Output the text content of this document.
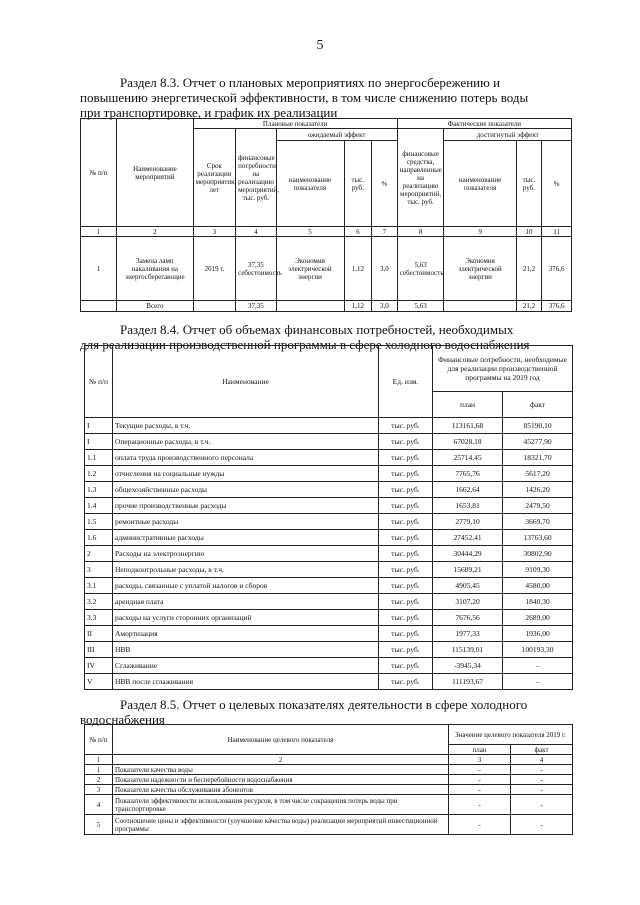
5
Раздел 8.3. Отчет о плановых мероприятиях по энергосбережению и
повышению энергетической эффективности, в том числе снижению потерь воды
при транспортировке, и график их реализации
№ п/п	Наименование мероприятий	Плановые показатели					Фактические показатели			
		Срок реализации мероприятия, лет	финансовые потребности на реализацию мероприятий, тыс. руб.	ожидаемый эффект			финансовые средства, направленные на реализацию мероприятий, тыс. руб.	достигнутый эффект		
				наименование показателя	тыс. руб.	%		наименование показателя	тыс. руб.	%
1	2	3	4	5	6	7	8	9	10	11
1	Замена ламп накаливания на энергосберегающие	2019 г.	37,35 себестоимость	Экономия электрической энергии	1,12	3,0	5,63 себестоимость	Экономия электрической энергии	21,2	376,6
	Всего		37,35		1,12	3,0	5,63		21,2	376,6
Раздел 8.4. Отчет об объемах финансовых потребностей, необходимых
для реализации производственной программы в сфере холодного водоснабжения
№ п/п	Наименование	Ед. изм.	Финансовые потребности, необходимые для реализации производственной программы на 2019 год	
			план	факт
I	Текущие расходы, в т.ч.	тыс. руб.	113161,68	85190,10
I	Операционные расходы, в т.ч.	тыс. руб.	67028,18	45277,90
1.1	оплата труда производственного персонала	тыс. руб.	25714,45	18321,70
1.2	отчисления на социальные нужды	тыс. руб.	7765,76	5617,20
1.3	общехозяйственные расходы	тыс. руб.	1662,64	1426,20
1.4	прочие производственные расходы	тыс. руб.	1653,81	2479,50
1.5	ремонтные расходы	тыс. руб.	2779,10	3669,70
1.6	административные расходы	тыс. руб.	27452,41	13763,60
2	Расходы на электроэнергию	тыс. руб.	30444,29	30802,90
3	Неподконтрольные расходы, в т.ч.	тыс. руб.	15689,21	9109,30
3.1	расходы, связанные с уплатой налогов и сборов	тыс. руб.	4905,45	4580,00
3.2	арендная плата	тыс. руб.	3107,20	1840,30
3.3	расходы на услуги сторонних организаций	тыс. руб.	7676,56	2689,00
II	Амортизация	тыс. руб.	1977,33	1936,00
III	НВВ	тыс. руб.	115139,01	100193,30
IV	Сглаживание	тыс. руб.	-3945,34	-
V	НВВ после сглаживания	тыс. руб.	111193,67	-
Раздел 8.5. Отчет о целевых показателях деятельности в сфере холодного
водоснабжения
№ п/п	Наименование целевого показателя	Значение целевого показателя 2019 г.	
		план	факт
1	2	3	4
1	Показатели качества воды	-	-
2	Показатели надежности и бесперебойности водоснабжения	-	-
3	Показатели качества обслуживания абонентов	-	-
4	Показатели эффективности использования ресурсов, в том числе сокращения потерь воды при транспортировке	-	-
5	Соотношение цены и эффективности (улучшение качества воды) реализации мероприятий инвестиционной программы	-	-
